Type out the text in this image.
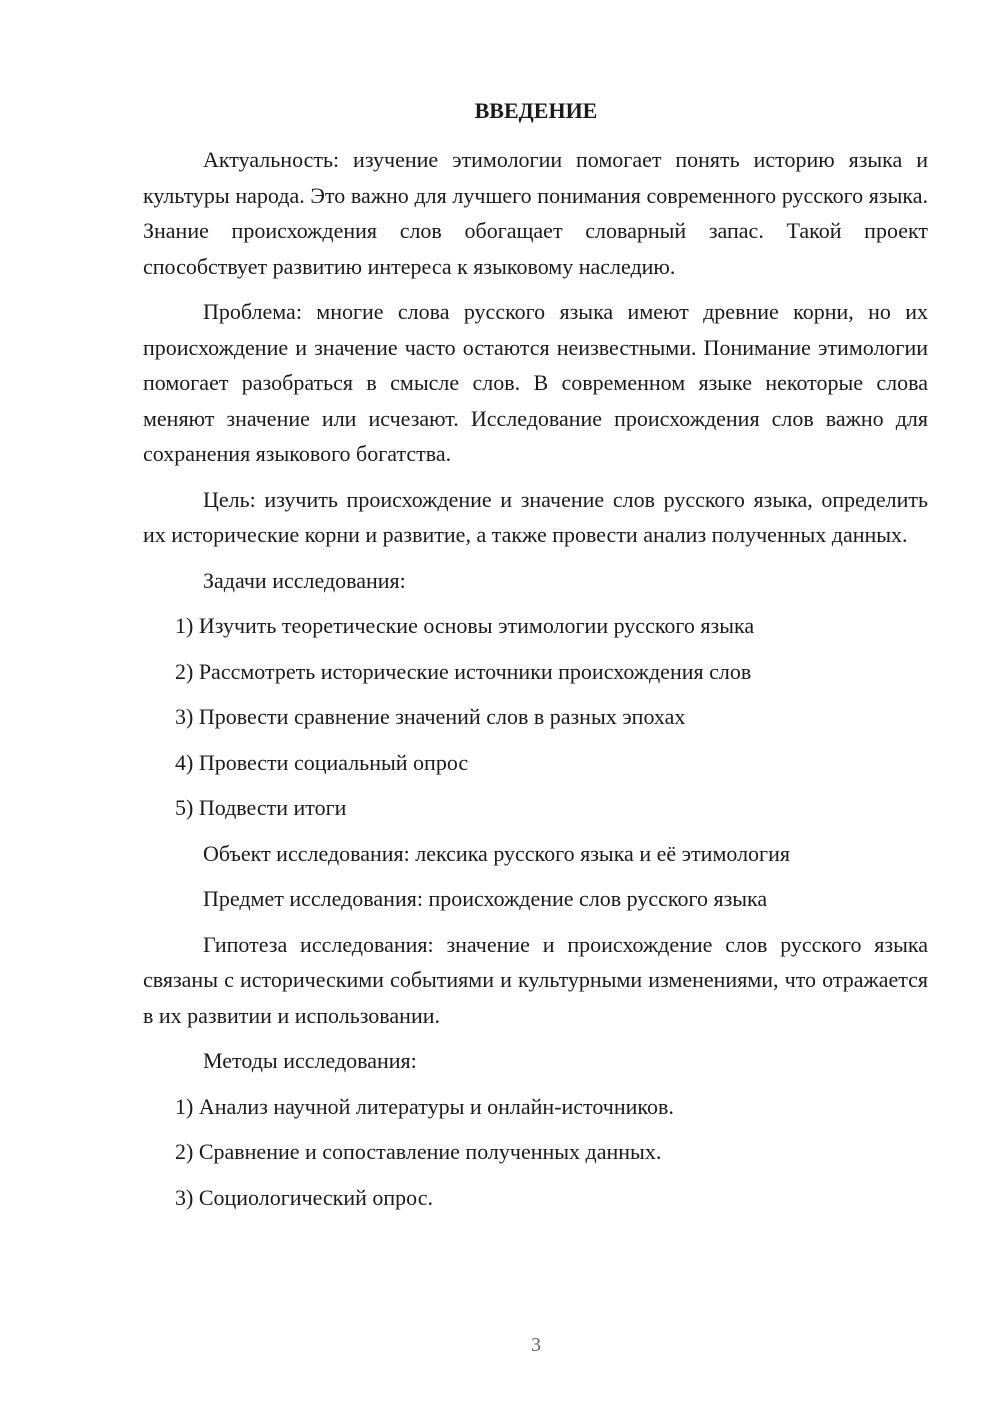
ВВЕДЕНИЕ

Актуальность: изучение этимологии помогает понять историю языка и культуры народа. Это важно для лучшего понимания современного русского языка. Знание происхождения слов обогащает словарный запас. Такой проект способствует развитию интереса к языковому наследию.

Проблема: многие слова русского языка имеют древние корни, но их происхождение и значение часто остаются неизвестными. Понимание этимологии помогает разобраться в смысле слов. В современном языке некоторые слова меняют значение или исчезают. Исследование происхождения слов важно для сохранения языкового богатства.

Цель: изучить происхождение и значение слов русского языка, определить их исторические корни и развитие, а также провести анализ полученных данных.

Задачи исследования:

1) Изучить теоретические основы этимологии русского языка

2) Рассмотреть исторические источники происхождения слов

3) Провести сравнение значений слов в разных эпохах

4) Провести социальный опрос

5) Подвести итоги

Объект исследования: лексика русского языка и её этимология

Предмет исследования: происхождение слов русского языка

Гипотеза исследования: значение и происхождение слов русского языка связаны с историческими событиями и культурными изменениями, что отражается в их развитии и использовании.

Методы исследования:

1) Анализ научной литературы и онлайн-источников.

2) Сравнение и сопоставление полученных данных.

3) Социологический опрос.

3
